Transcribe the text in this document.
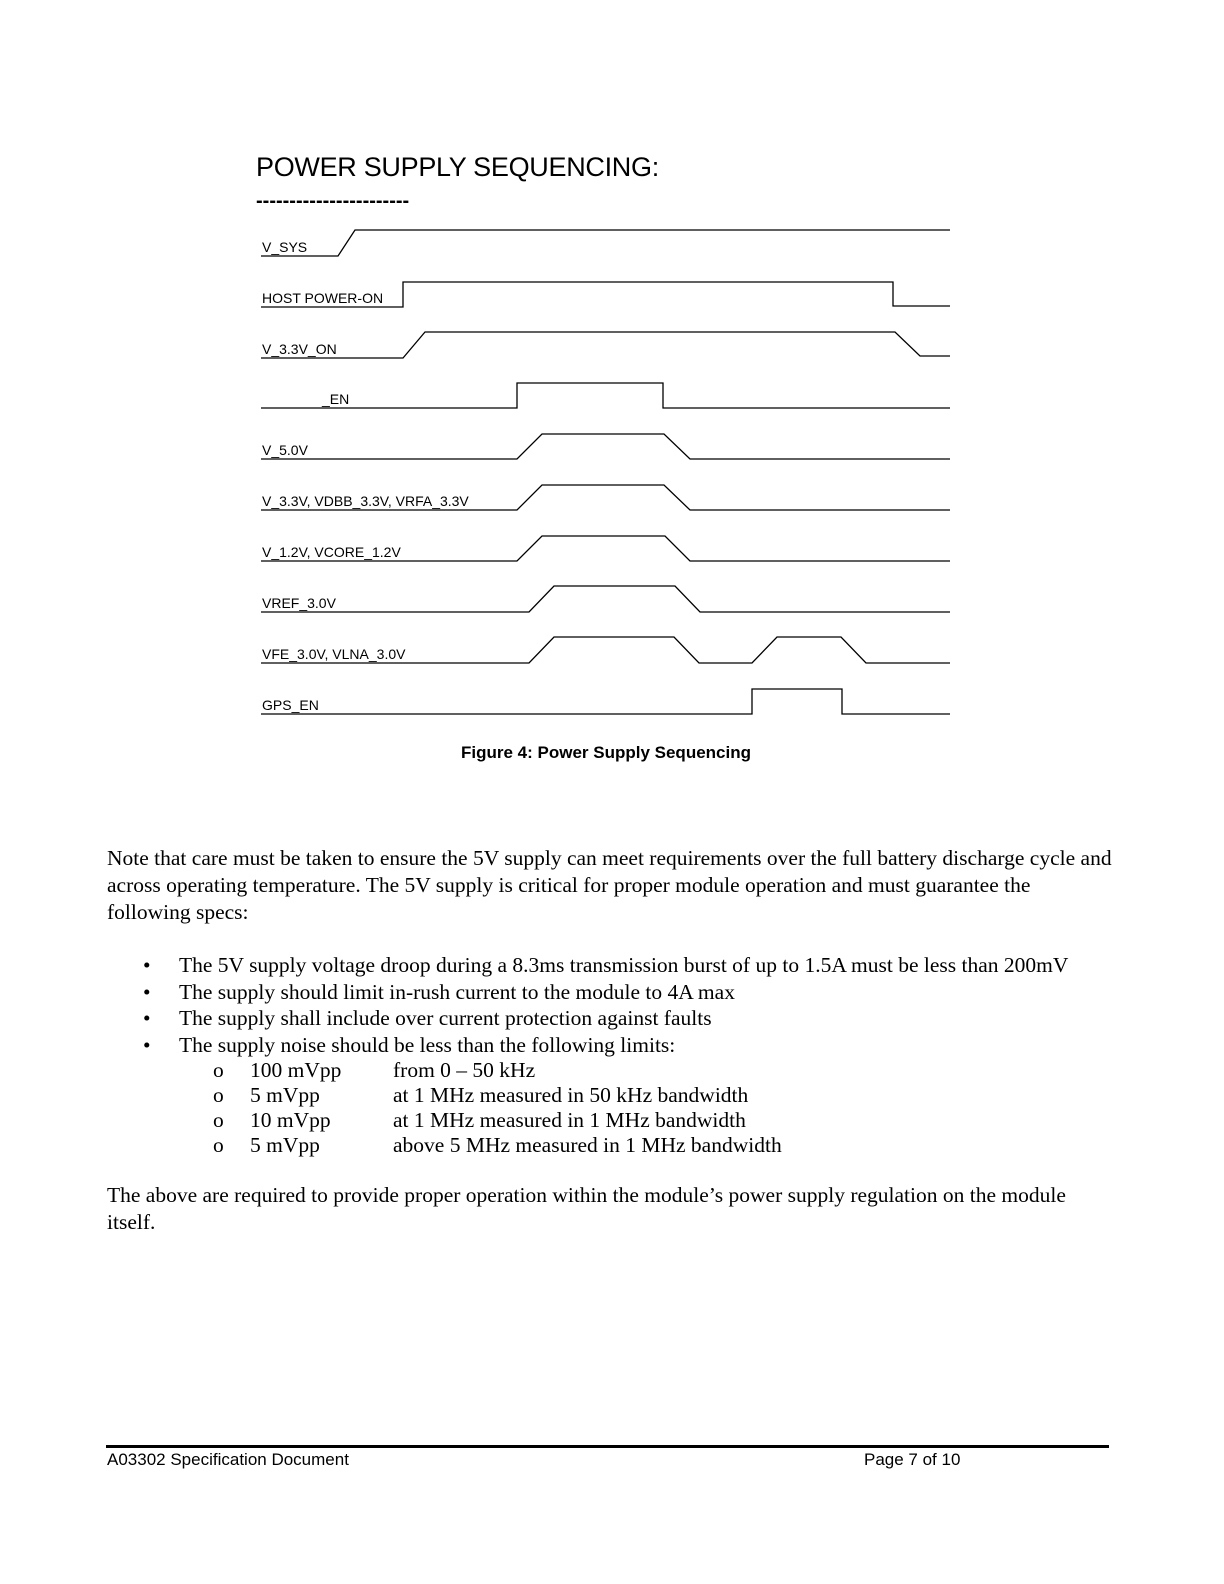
POWER SUPPLY SEQUENCING:
-----------------------
V_SYS
HOST POWER-ON
V_3.3V_ON
_EN
V_5.0V
V_3.3V, VDBB_3.3V, VRFA_3.3V
V_1.2V, VCORE_1.2V
VREF_3.0V
VFE_3.0V, VLNA_3.0V
GPS_EN
Figure 4: Power Supply Sequencing

Note that care must be taken to ensure the 5V supply can meet requirements over the full battery discharge cycle and across operating temperature. The 5V supply is critical for proper module operation and must guarantee the following specs:

• The 5V supply voltage droop during a 8.3ms transmission burst of up to 1.5A must be less than 200mV
• The supply should limit in-rush current to the module to 4A max
• The supply shall include over current protection against faults
• The supply noise should be less than the following limits:
o	100 mVpp	from 0 – 50 kHz
o	5 mVpp	at 1 MHz measured in 50 kHz bandwidth
o	10 mVpp	at 1 MHz measured in 1 MHz bandwidth
o	5 mVpp	above 5 MHz measured in 1 MHz bandwidth

The above are required to provide proper operation within the module’s power supply regulation on the module itself.

A03302 Specification Document	Page 7 of 10
